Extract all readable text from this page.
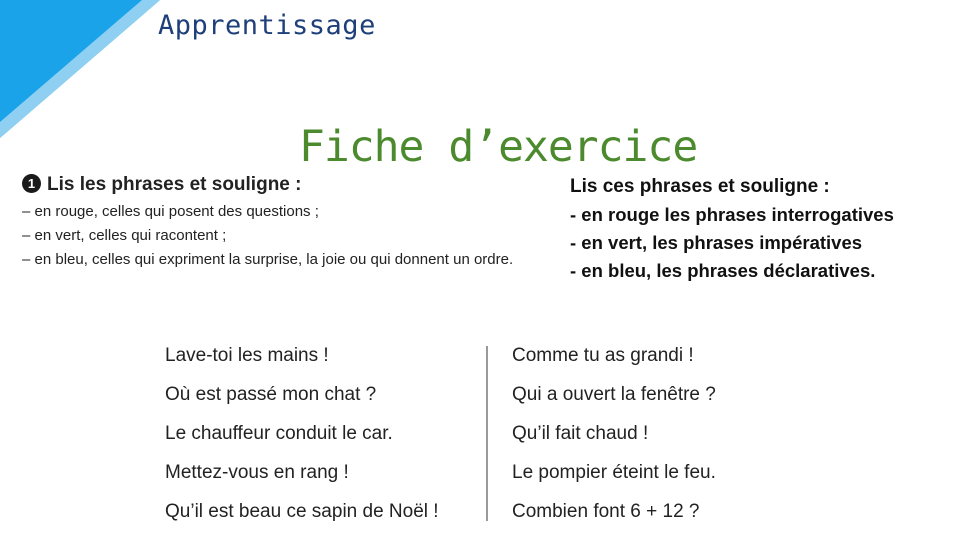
Apprentissage
Fiche d’exercice
1 Lis les phrases et souligne :
– en rouge, celles qui posent des questions ;
– en vert, celles qui racontent ;
– en bleu, celles qui expriment la surprise, la joie ou qui donnent un ordre.
Lis ces phrases et souligne :
- en rouge les phrases interrogatives
- en vert, les phrases impératives
- en bleu, les phrases déclaratives.
Lave-toi les mains !
Où est passé mon chat ?
Le chauffeur conduit le car.
Mettez-vous en rang !
Qu’il est beau ce sapin de Noël !
Comme tu as grandi !
Qui a ouvert la fenêtre ?
Qu’il fait chaud !
Le pompier éteint le feu.
Combien font 6 + 12 ?
